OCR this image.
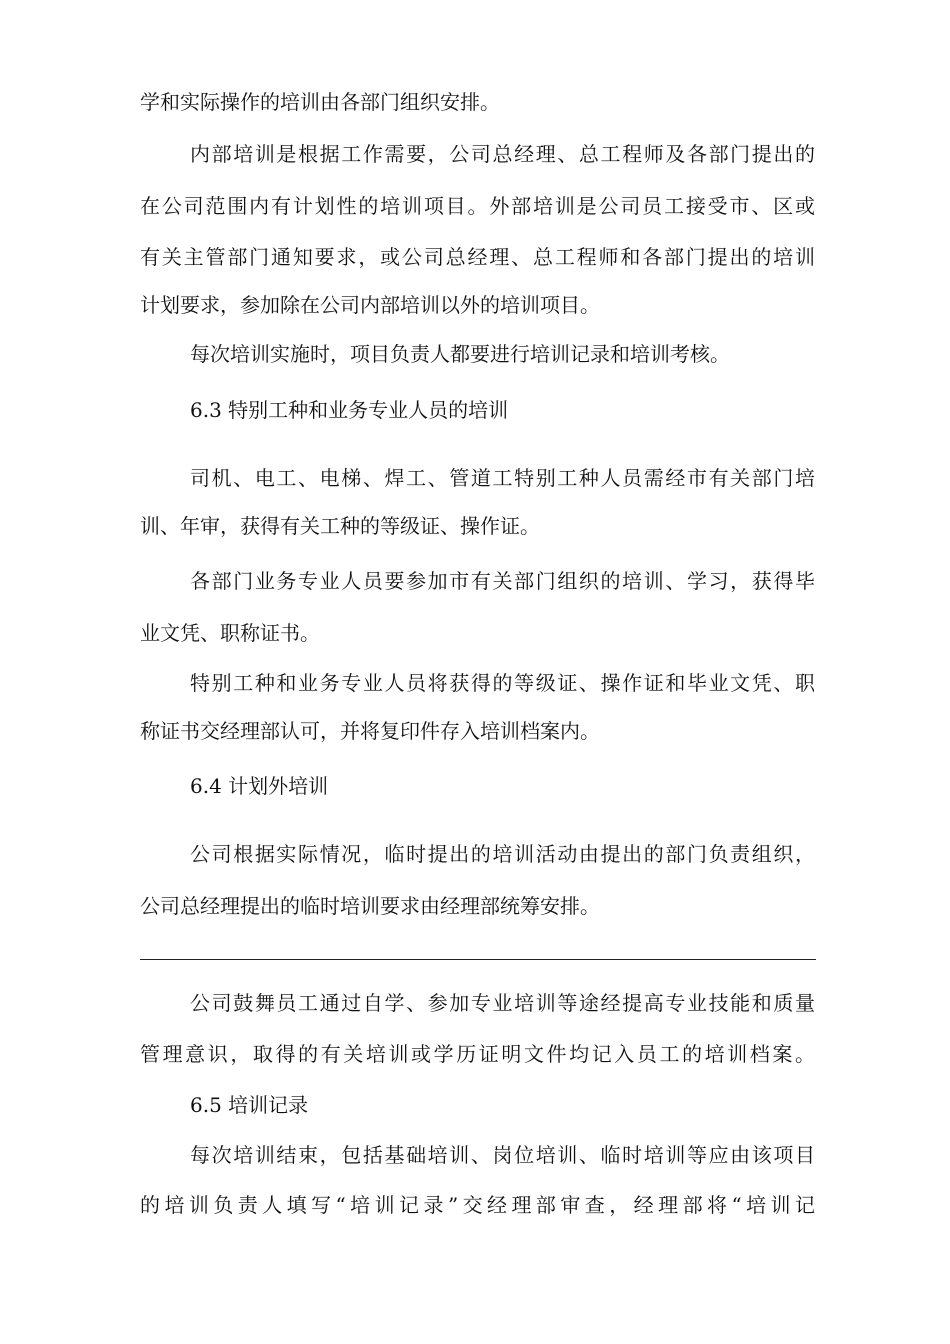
学和实际操作的培训由各部门组织安排。
内部培训是根据工作需要，公司总经理、总工程师及各部门提出的
在公司范围内有计划性的培训项目。外部培训是公司员工接受市、区或
有关主管部门通知要求，或公司总经理、总工程师和各部门提出的培训
计划要求，参加除在公司内部培训以外的培训项目。
每次培训实施时，项目负责人都要进行培训记录和培训考核。
6.3 特别工种和业务专业人员的培训
司机、电工、电梯、焊工、管道工特别工种人员需经市有关部门培
训、年审，获得有关工种的等级证、操作证。
各部门业务专业人员要参加市有关部门组织的培训、学习，获得毕
业文凭、职称证书。
特别工种和业务专业人员将获得的等级证、操作证和毕业文凭、职
称证书交经理部认可，并将复印件存入培训档案内。
6.4 计划外培训
公司根据实际情况，临时提出的培训活动由提出的部门负责组织，
公司总经理提出的临时培训要求由经理部统筹安排。
公司鼓舞员工通过自学、参加专业培训等途经提高专业技能和质量
管理意识，取得的有关培训或学历证明文件均记入员工的培训档案。
6.5 培训记录
每次培训结束，包括基础培训、岗位培训、临时培训等应由该项目
的培训负责人填写“培训记录”交经理部审查，经理部将“培训记
